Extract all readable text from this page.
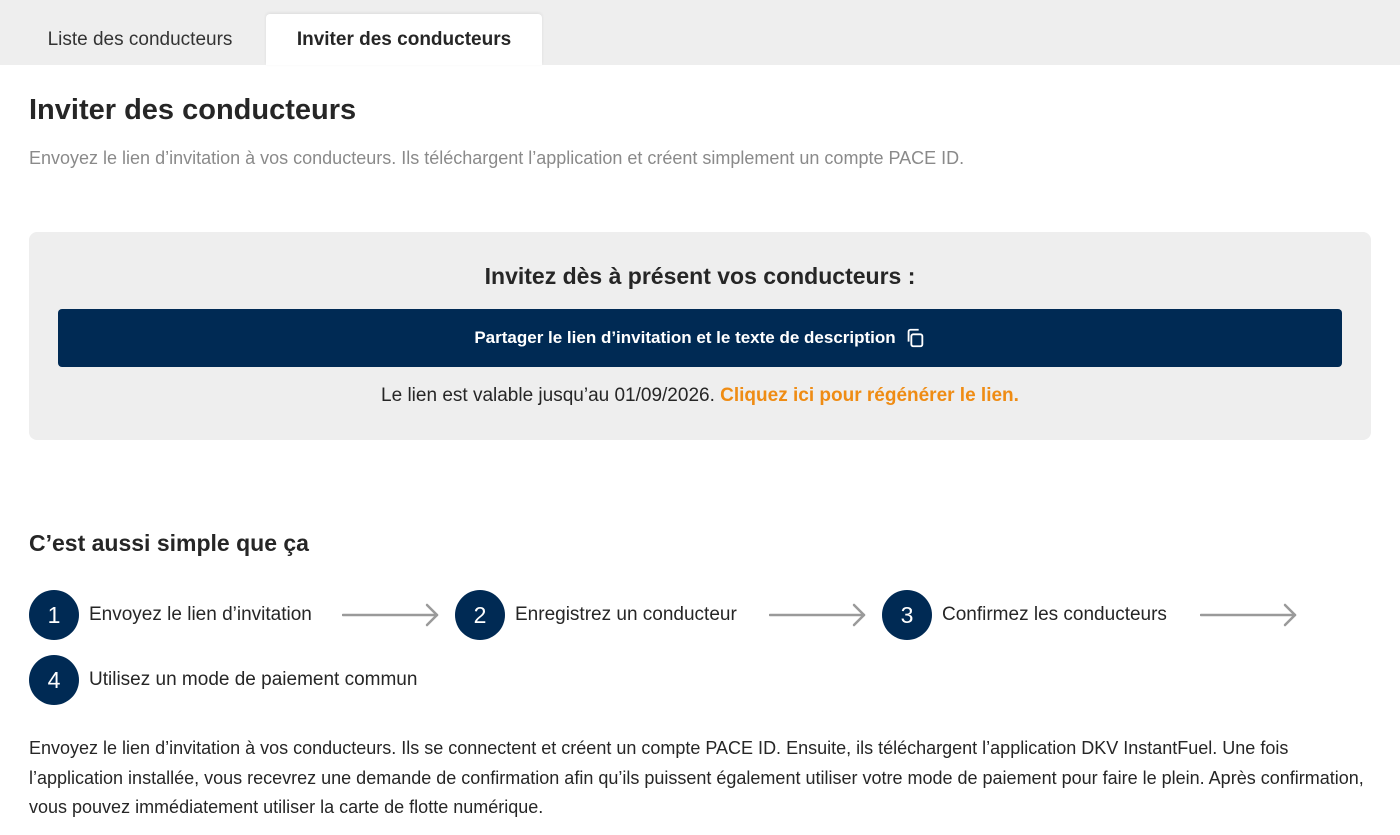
Liste des conducteurs	Inviter des conducteurs
Inviter des conducteurs

Envoyez le lien d’invitation à vos conducteurs. Ils téléchargent l’application et créent simplement un compte PACE ID.

Invitez dès à présent vos conducteurs :
Partager le lien d’invitation et le texte de description
Le lien est valable jusqu’au 01/09/2026. Cliquez ici pour régénérer le lien.
C’est aussi simple que ça
1	Envoyez le lien d’invitation	2	Enregistrez un conducteur	3	Confirmez les conducteurs
4	Utilisez un mode de paiement commun

Envoyez le lien d’invitation à vos conducteurs. Ils se connectent et créent un compte PACE ID. Ensuite, ils téléchargent l’application DKV InstantFuel. Une fois l’application installée, vous recevrez une demande de confirmation afin qu’ils puissent également utiliser votre mode de paiement pour faire le plein. Après confirmation, vous pouvez immédiatement utiliser la carte de flotte numérique.
